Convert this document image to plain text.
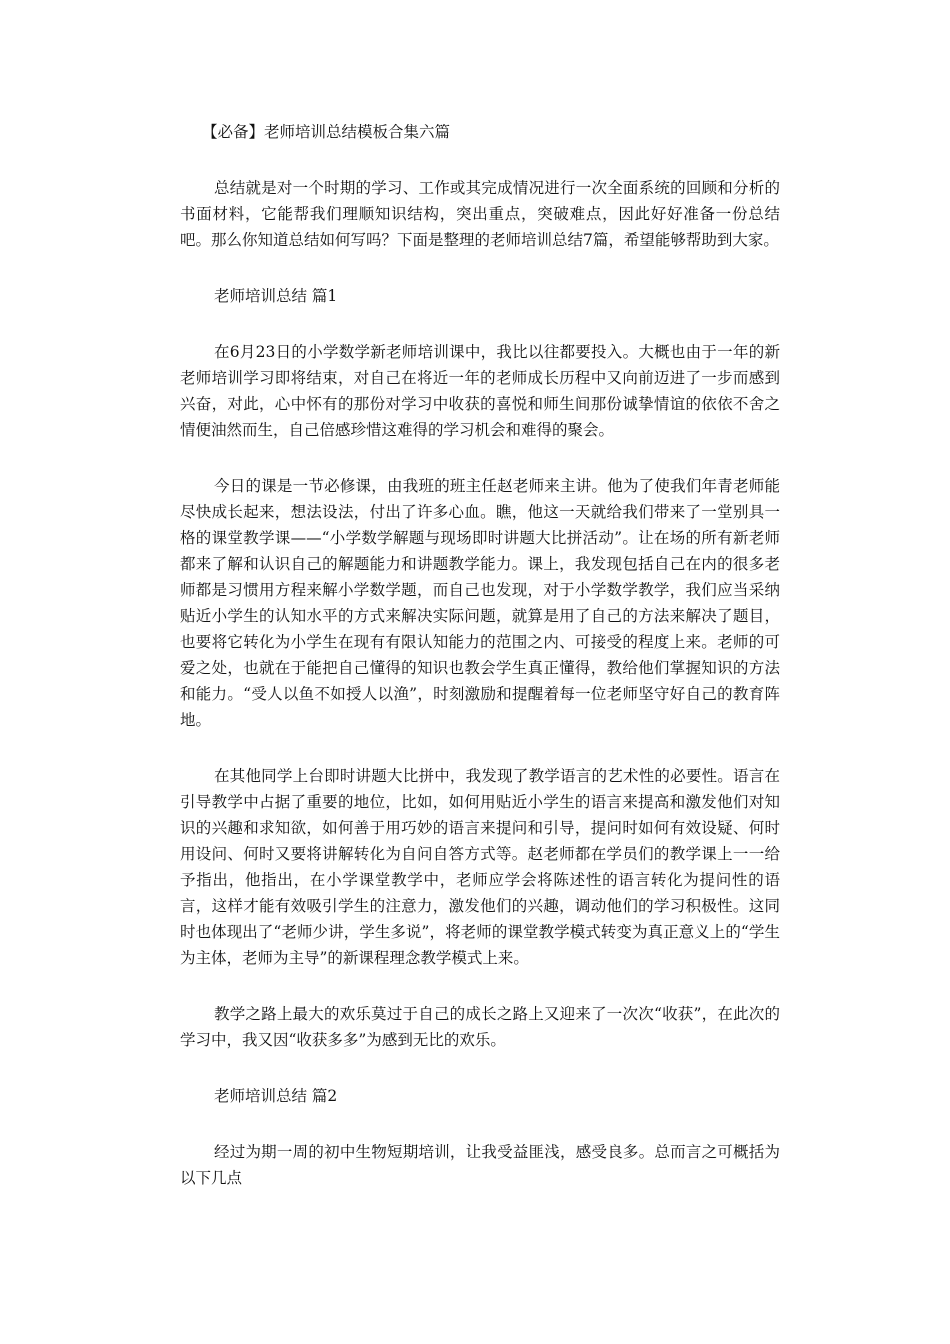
【必备】老师培训总结模板合集六篇

总结就是对一个时期的学习、工作或其完成情况进行一次全面系统的回顾和分析的书面材料，它能帮我们理顺知识结构，突出重点，突破难点，因此好好准备一份总结吧。那么你知道总结如何写吗？下面是整理的老师培训总结7篇，希望能够帮助到大家。

老师培训总结 篇1

在6月23日的小学数学新老师培训课中，我比以往都要投入。大概也由于一年的新老师培训学习即将结束，对自己在将近一年的老师成长历程中又向前迈进了一步而感到兴奋，对此，心中怀有的那份对学习中收获的喜悦和师生间那份诚挚情谊的依依不舍之情便油然而生，自己倍感珍惜这难得的学习机会和难得的聚会。

今日的课是一节必修课，由我班的班主任赵老师来主讲。他为了使我们年青老师能尽快成长起来，想法设法，付出了许多心血。瞧，他这一天就给我们带来了一堂别具一格的课堂教学课——“小学数学解题与现场即时讲题大比拼活动”。让在场的所有新老师都来了解和认识自己的解题能力和讲题教学能力。课上，我发现包括自己在内的很多老师都是习惯用方程来解小学数学题，而自己也发现，对于小学数学教学，我们应当采纳贴近小学生的认知水平的方式来解决实际问题，就算是用了自己的方法来解决了题目，也要将它转化为小学生在现有有限认知能力的范围之内、可接受的程度上来。老师的可爱之处，也就在于能把自己懂得的知识也教会学生真正懂得，教给他们掌握知识的方法和能力。“受人以鱼不如授人以渔”，时刻激励和提醒着每一位老师坚守好自己的教育阵地。

在其他同学上台即时讲题大比拼中，我发现了教学语言的艺术性的必要性。语言在引导教学中占据了重要的地位，比如，如何用贴近小学生的语言来提高和激发他们对知识的兴趣和求知欲，如何善于用巧妙的语言来提问和引导，提问时如何有效设疑、何时用设问、何时又要将讲解转化为自问自答方式等。赵老师都在学员们的教学课上一一给予指出，他指出，在小学课堂教学中，老师应学会将陈述性的语言转化为提问性的语言，这样才能有效吸引学生的注意力，激发他们的兴趣，调动他们的学习积极性。这同时也体现出了“老师少讲，学生多说”，将老师的课堂教学模式转变为真正意义上的“学生为主体，老师为主导”的新课程理念教学模式上来。

教学之路上最大的欢乐莫过于自己的成长之路上又迎来了一次次“收获”，在此次的学习中，我又因“收获多多”为感到无比的欢乐。

老师培训总结 篇2

经过为期一周的初中生物短期培训，让我受益匪浅，感受良多。总而言之可概括为以下几点
